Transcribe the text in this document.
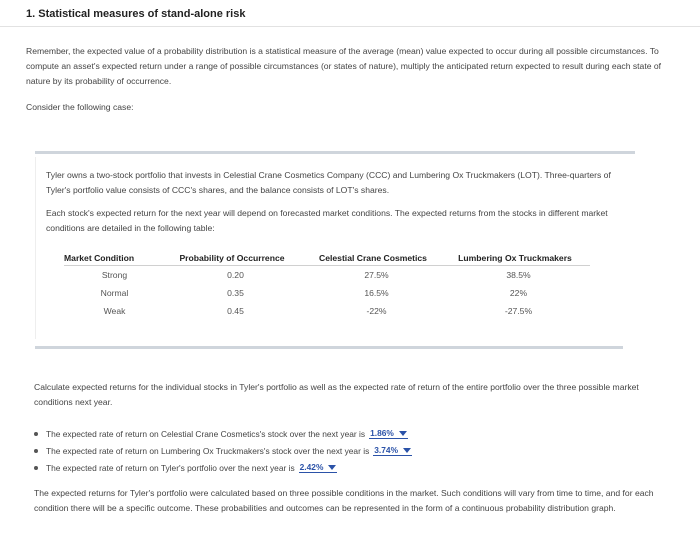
1. Statistical measures of stand-alone risk
Remember, the expected value of a probability distribution is a statistical measure of the average (mean) value expected to occur during all possible circumstances. To compute an asset's expected return under a range of possible circumstances (or states of nature), multiply the anticipated return expected to result during each state of nature by its probability of occurrence.
Consider the following case:
Tyler owns a two-stock portfolio that invests in Celestial Crane Cosmetics Company (CCC) and Lumbering Ox Truckmakers (LOT). Three-quarters of Tyler's portfolio value consists of CCC's shares, and the balance consists of LOT's shares.
Each stock's expected return for the next year will depend on forecasted market conditions. The expected returns from the stocks in different market conditions are detailed in the following table:
Market Condition	Probability of Occurrence	Celestial Crane Cosmetics	Lumbering Ox Truckmakers
Strong	0.20	27.5%	38.5%
Normal	0.35	16.5%	22%
Weak	0.45	-22%	-27.5%
Calculate expected returns for the individual stocks in Tyler's portfolio as well as the expected rate of return of the entire portfolio over the three possible market conditions next year.
The expected rate of return on Celestial Crane Cosmetics's stock over the next year is 1.86%
The expected rate of return on Lumbering Ox Truckmakers's stock over the next year is 3.74%
The expected rate of return on Tyler's portfolio over the next year is 2.42%
The expected returns for Tyler's portfolio were calculated based on three possible conditions in the market. Such conditions will vary from time to time, and for each condition there will be a specific outcome. These probabilities and outcomes can be represented in the form of a continuous probability distribution graph.
